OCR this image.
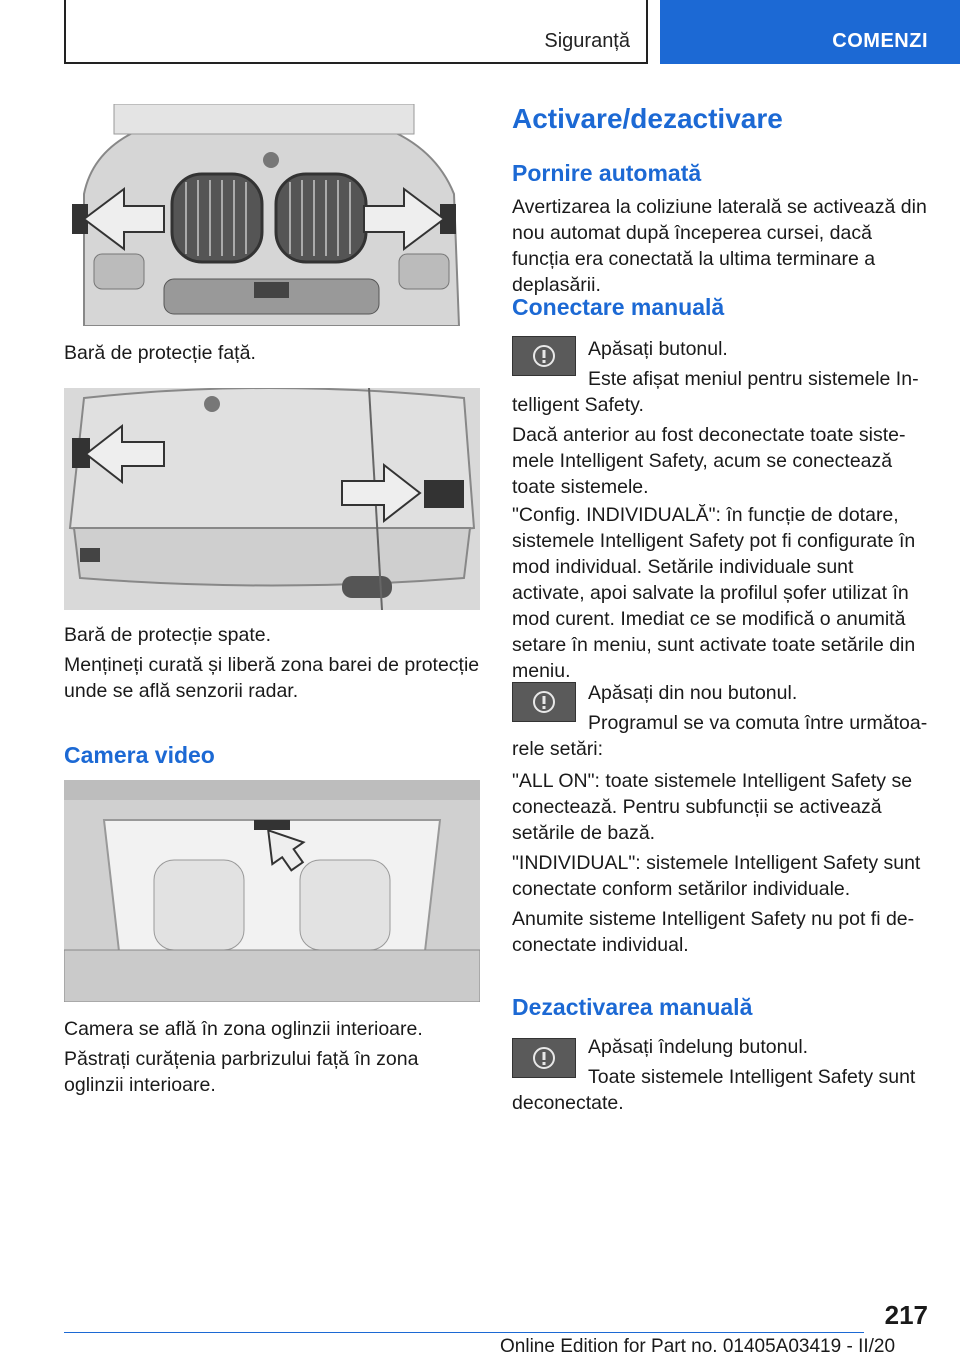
Siguranță	COMENZI

Bară de protecție față.

Bară de protecție spate.

Mențineți curată și liberă zona barei de protecție unde se află senzorii radar.

Camera video

Camera se află în zona oglinzii interioare.

Păstrați curățenia parbrizului față în zona oglinzii interioare.

Activare/dezactivare
Pornire automată

Avertizarea la coliziune laterală se activează din nou automat după începerea cursei, dacă funcția era conectată la ultima terminare a deplasării.

Conectare manuală

Apăsați butonul.

Este afișat meniul pentru sistemele Intelligent Safety.

Dacă anterior au fost deconectate toate sistemele Intelligent Safety, acum se conectează toate sistemele.

"Config. INDIVIDUALĂ": în funcție de dotare, sistemele Intelligent Safety pot fi configurate în mod individual. Setările individuale sunt activate, apoi salvate la profilul șofer utilizat în mod curent. Imediat ce se modifică o anumită setare în meniu, sunt activate toate setările din meniu.

Apăsați din nou butonul.

Programul se va comuta între următoarele setări:

"ALL ON": toate sistemele Intelligent Safety se conectează. Pentru subfuncții se activează setările de bază.

"INDIVIDUAL": sistemele Intelligent Safety sunt conectate conform setărilor individuale.

Anumite sisteme Intelligent Safety nu pot fi deconectate individual.

Dezactivarea manuală

Apăsați îndelung butonul.

Toate sistemele Intelligent Safety sunt deconectate.

217
Online Edition for Part no. 01405A03419 - II/20
